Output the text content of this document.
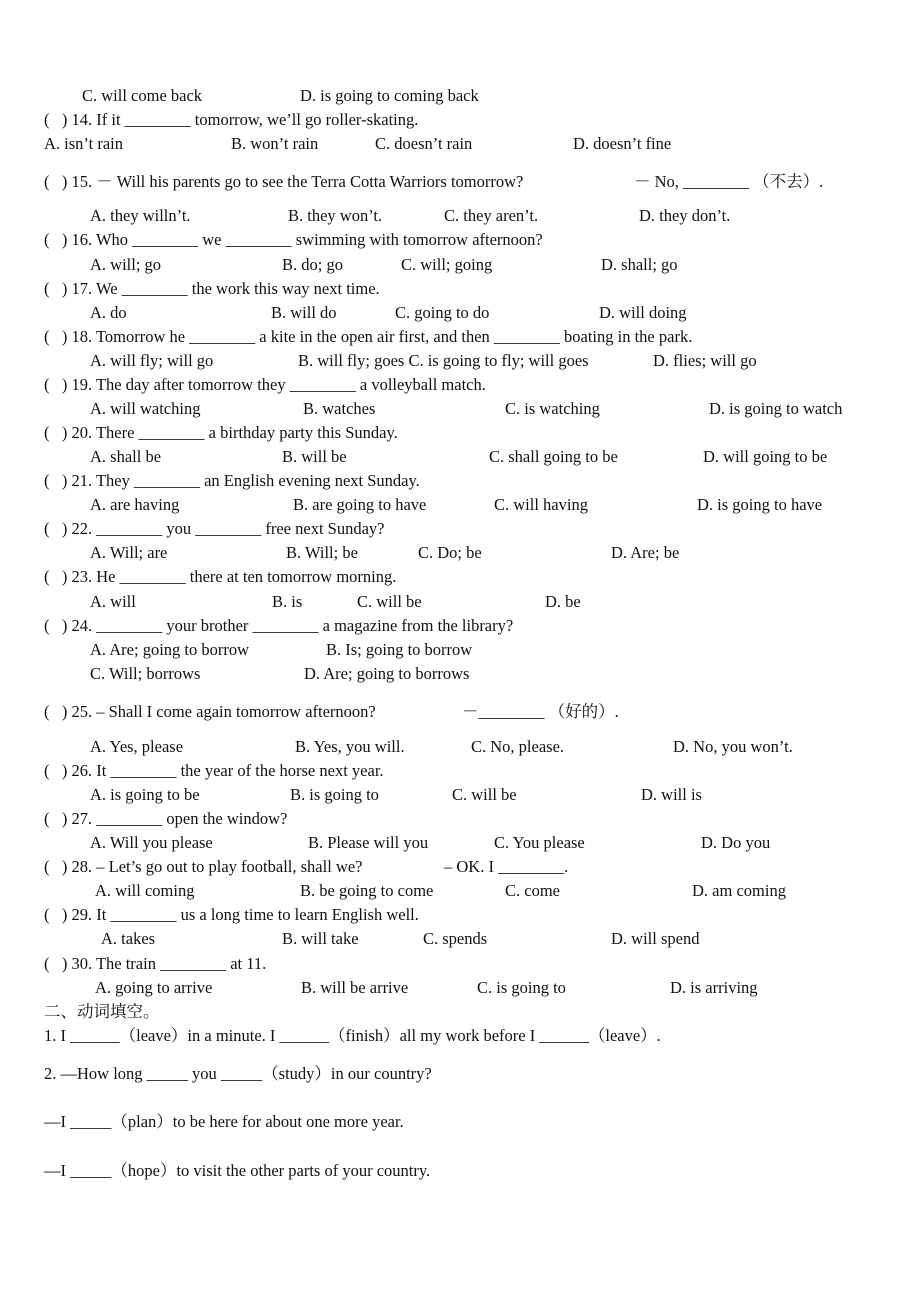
C. will come back	D. is going to coming back
(   ) 14. If it ________ tomorrow, we’ll go roller-skating.
A. isn’t rain	B. won’t rain	C. doesn’t rain	D. doesn’t fine
(   ) 15. － Will his parents go to see the Terra Cotta Warriors tomorrow?	－ No, ________ （不去）.
A. they willn’t.	B. they won’t.	C. they aren’t.	D. they don’t.
(   ) 16. Who ________ we ________ swimming with tomorrow afternoon?
A. will; go	B. do; go	C. will; going	D. shall; go
(   ) 17. We ________ the work this way next time.
A. do	B. will do	C. going to do	D. will doing
(   ) 18. Tomorrow he ________ a kite in the open air first, and then ________ boating in the park.
A. will fly; will go	B. will fly; goes C. is going to fly; will goes	D. flies; will go
(   ) 19. The day after tomorrow they ________ a volleyball match.
A. will watching	B. watches	C. is watching	D. is going to watch
(   ) 20. There ________ a birthday party this Sunday.
A. shall be	B. will be	C. shall going to be	D. will going to be
(   ) 21. They ________ an English evening next Sunday.
A. are having	B. are going to have	C. will having	D. is going to have
(   ) 22. ________ you ________ free next Sunday?
A. Will; are	B. Will; be	C. Do; be	D. Are; be
(   ) 23. He ________ there at ten tomorrow morning.
A. will	B. is	C. will be	D. be
(   ) 24. ________ your brother ________ a magazine from the library?
A. Are; going to borrow	B. Is; going to borrow
C. Will; borrows	D. Are; going to borrows
(   ) 25. – Shall I come again tomorrow afternoon?	－________ （好的）.
A. Yes, please	B. Yes, you will.	C. No, please.	D. No, you won’t.
(   ) 26. It ________ the year of the horse next year.
A. is going to be	B. is going to	C. will be	D. will is
(   ) 27. ________ open the window?
A. Will you please	B. Please will you	C. You please	D. Do you
(   ) 28. – Let’s go out to play football, shall we?	– OK. I ________.
A. will coming	B. be going to come	C. come	D. am coming
(   ) 29. It ________ us a long time to learn English well.
A. takes	B. will take	C. spends	D. will spend
(   ) 30. The train ________ at 11.
A. going to arrive	B. will be arrive	C. is going to	D. is arriving
二、动词填空。
1. I ______（leave）in a minute. I ______（finish）all my work before I ______（leave）.
2. —How long _____ you _____（study）in our country?
—I _____（plan）to be here for about one more year.
—I _____（hope）to visit the other parts of your country.
